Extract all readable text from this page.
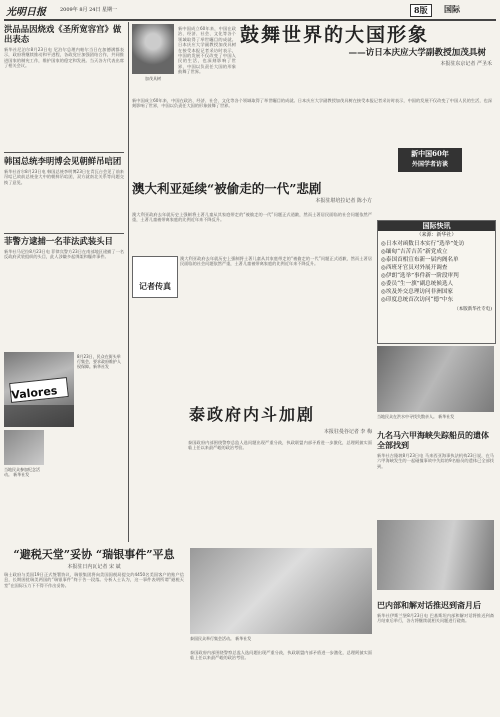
光明日报	2009年 8月 24日 星期一	8版	国际
洪品品因烧戏《圣所宽容宫》做出表态

新华社尼泊尔8月23日电 尼泊尔总理内帕尔当日在加德满都表示，政府将继续推动和平进程，各政党应加强团结合作，共同推进国家的制宪工作，维护国家的稳定和发展。当天各方代表出席了相关会议。

韩国总统李明博会见朝鲜吊唁团

新华社首尔8月23日电 韩国总统李明博23日在青瓦台会见了前来吊唁已故前总统金大中的朝鲜吊唁团，双方就南北关系等问题交换了意见。

菲警方逮捕一名菲法武装头目

新华社马尼拉8月23日电 菲律宾警方23日在南部地区逮捕了一名反政府武装组织的头目，此人涉嫌多起绑架和爆炸事件。

Valores
8月23日，民众在街头举行集会，要求政府维护人权保障。新华社发
当地民众参加纪念活动。 新华社发
“避税天堂”妥协 “瑞银事件”平息
本报驻日内瓦记者 宋 斌

瑞士政府与美国19日正式签署协议，瑞银集团将向美国国税局提交约4450名美国客户的账户信息，长期困扰瑞美两国的“瑞银事件”终于告一段落。分析人士认为，这一事件表明所谓“避税天堂”在国际压力下不得不作出妥协。

加茂具树
鼓舞世界的大国形象
——访日本庆应大学副教授加茂具树
本报驻东京记者 严圣禾

新中国成立60年来，中国在政治、经济、社会、文化等各个领域取得了举世瞩目的成就。日本庆应大学副教授加茂具树在接受本报记者采访时表示，中国的发展不仅改变了中国人民的生活，也深刻影响了世界，中国以负责任大国的形象鼓舞了世界。

新中国成立60年来，中国在政治、经济、社会、文化等各个领域取得了举世瞩目的成就。日本庆应大学副教授加茂具树在接受本报记者采访时表示，中国的发展不仅改变了中国人民的生活，也深刻影响了世界，中国以负责任大国的形象鼓舞了世界。

新中国60年
外国学者访谈
澳大利亚延续“被偷走的一代”悲剧
本报驻堪培拉记者 陈小方

澳大利亚政府去年就历史上强制将土著儿童从其家庭带走的“被偷走的一代”问题正式道歉，然而土著居民面临的社会问题依然严重，土著儿童被带离家庭的比例近年来不降反升。

记者传真

澳大利亚政府去年就历史上强制将土著儿童从其家庭带走的“被偷走的一代”问题正式道歉，然而土著居民面临的社会问题依然严重，土著儿童被带离家庭的比例近年来不降反升。

国际快讯
（来源：新华社）
◎日本对函数日本实行“选举”处访
◎缅甸“吉苦吉苦”新党成立
◎泰国首相宣布新一届内阁名单
◎西班牙官员对外展开调查
◎伊朗“选举”事件新一阶段审判
◎委员“生一旗”副总统候选人
◎埃及外交总理访问非洲国家
◎印度总统首次访问“德”中东
（本版新华社专电)
当地民众在洪水中寻找失散亲人。 新华社发
泰政府内斗加剧
本报驻曼谷记者 李 梅

泰国政府内部围绕警察总监人选问题出现严重分歧，执政联盟内部矛盾进一步激化，总理阿披实面临上任以来最严峻的政治考验。

九名马六甲海峡失踪船员的遗体全部找到

新华社吉隆坡8月23日电 马来西亚海事执法机构23日说，在马六甲海峡发生的一起碰撞事故中失踪的9名船员的遗体已全部找到。

泰国民众举行集会活动。 新华社发

泰国政府内部围绕警察总监人选问题出现严重分歧，执政联盟内部矛盾进一步激化，总理阿披实面临上任以来最严峻的政治考验。

巴内部和解对话推迟到斋月后

新华社伊斯兰堡8月23日电 巴基斯坦内部和解对话将推迟到斋月结束后举行，各方将继续就相关问题进行磋商。
